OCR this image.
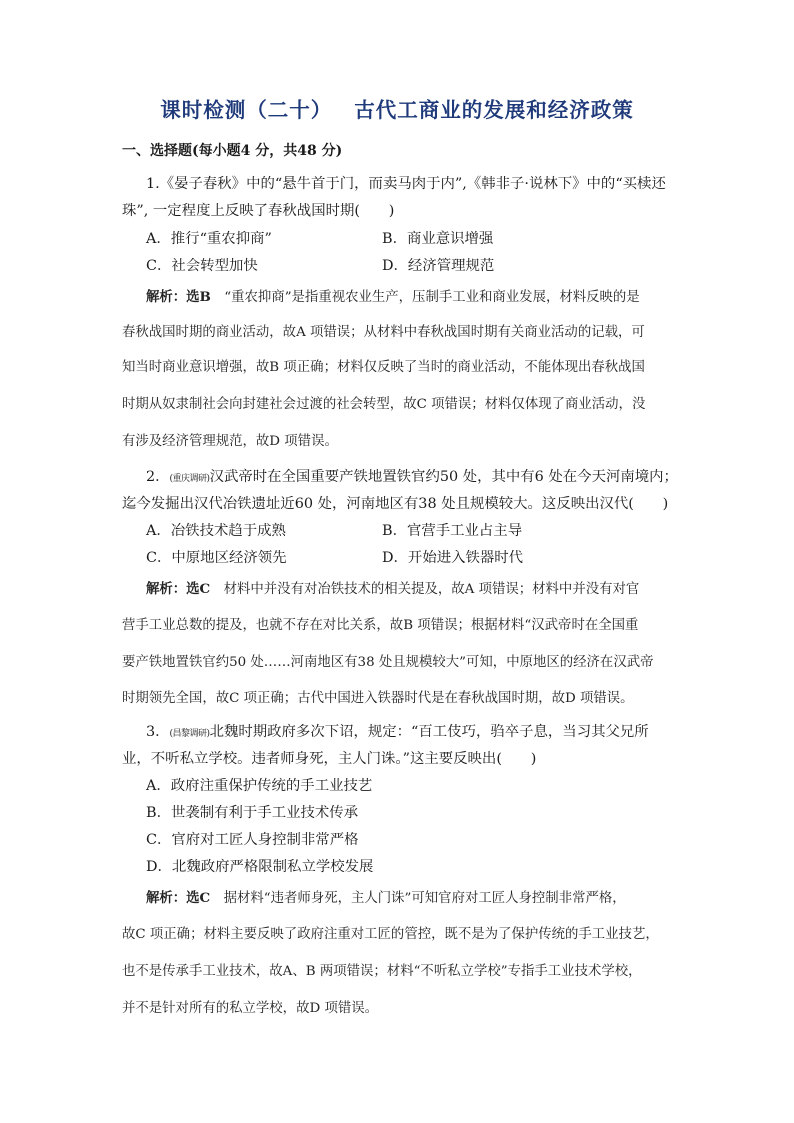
课时检测（二十） 古代工商业的发展和经济政策
一、选择题(每小题4 分，共48 分)
1.《晏子春秋》中的“悬牛首于门，而卖马肉于内”,《韩非子·说林下》中的“买椟还
珠”, 一定程度上反映了春秋战国时期(　　)
A．推行“重农抑商”	B．商业意识增强
C．社会转型加快	D．经济管理规范
解析：选B　 “重农抑商”是指重视农业生产，压制手工业和商业发展，材料反映的是
春秋战国时期的商业活动，故A 项错误；从材料中春秋战国时期有关商业活动的记载，可
知当时商业意识增强，故B 项正确；材料仅反映了当时的商业活动，不能体现出春秋战国
时期从奴隶制社会向封建社会过渡的社会转型，故C 项错误；材料仅体现了商业活动，没
有涉及经济管理规范，故D 项错误。
2．(重庆调研)汉武帝时在全国重要产铁地置铁官约50 处，其中有6 处在今天河南境内；
迄今发掘出汉代冶铁遗址近60 处，河南地区有38 处且规模较大。这反映出汉代(　　)
A．冶铁技术趋于成熟	B．官营手工业占主导
C．中原地区经济领先	D．开始进入铁器时代
解析：选C　 材料中并没有对冶铁技术的相关提及，故A 项错误；材料中并没有对官
营手工业总数的提及，也就不存在对比关系，故B 项错误；根据材料“汉武帝时在全国重
要产铁地置铁官约50 处……河南地区有38 处且规模较大”可知，中原地区的经济在汉武帝
时期领先全国，故C 项正确；古代中国进入铁器时代是在春秋战国时期，故D 项错误。
3．(昌黎调研)北魏时期政府多次下诏，规定：“百工伎巧，驺卒子息，当习其父兄所
业，不听私立学校。违者师身死，主人门诛。”这主要反映出(　　)
A．政府注重保护传统的手工业技艺
B．世袭制有利于手工业技术传承
C．官府对工匠人身控制非常严格
D．北魏政府严格限制私立学校发展
解析：选C　 据材料“违者师身死，主人门诛”可知官府对工匠人身控制非常严格，
故C 项正确；材料主要反映了政府注重对工匠的管控，既不是为了保护传统的手工业技艺，
也不是传承手工业技术，故A、B 两项错误；材料“不听私立学校”专指手工业技术学校，
并不是针对所有的私立学校，故D 项错误。
